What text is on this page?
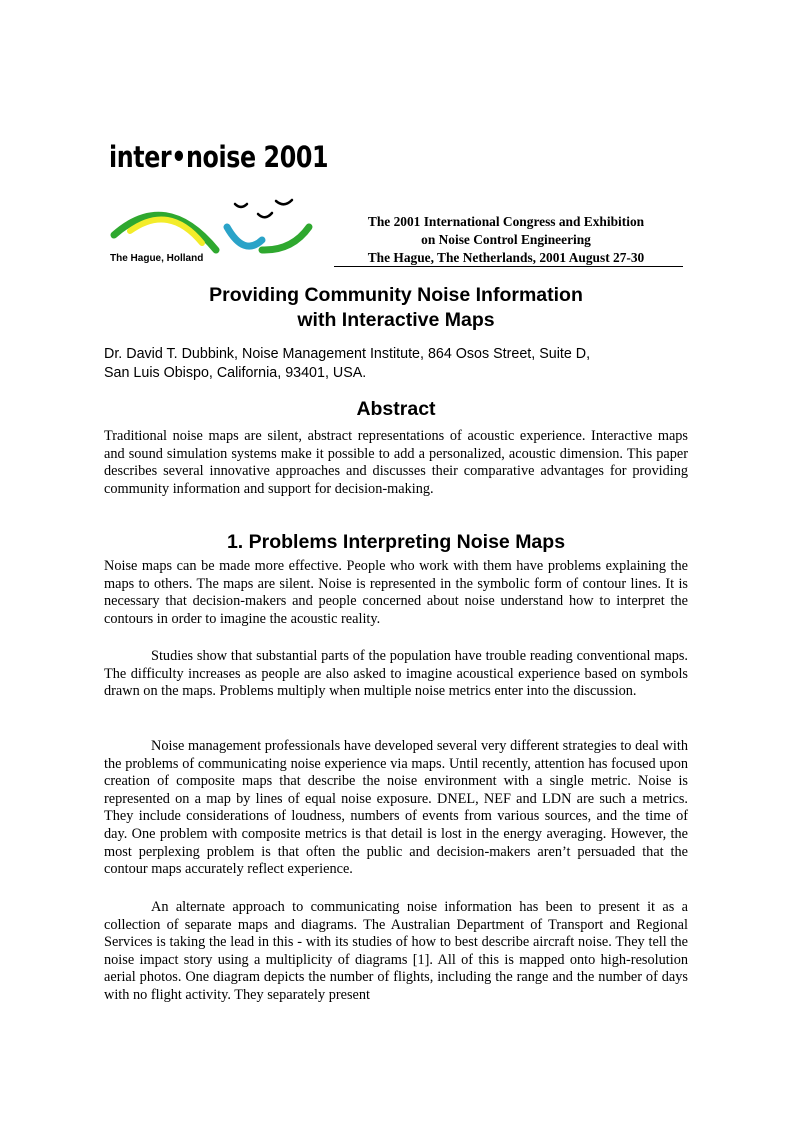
inter•noise 2001
The Hague, Holland
The 2001 International Congress and Exhibition
on Noise Control Engineering
The Hague, The Netherlands, 2001 August 27-30
Providing Community Noise Information
with Interactive Maps

Dr. David T. Dubbink, Noise Management Institute, 864 Osos Street, Suite D,
San Luis Obispo, California, 93401, USA.

Abstract

Traditional noise maps are silent, abstract representations of acoustic experience. Interactive maps and sound simulation systems make it possible to add a personalized, acoustic dimension. This paper describes several innovative approaches and discusses their comparative advantages for providing community information and support for decision-making.

1. Problems Interpreting Noise Maps

Noise maps can be made more effective. People who work with them have problems explaining the maps to others. The maps are silent. Noise is represented in the symbolic form of contour lines. It is necessary that decision-makers and people concerned about noise understand how to interpret the contours in order to imagine the acoustic reality.

Studies show that substantial parts of the population have trouble reading conventional maps. The difficulty increases as people are also asked to imagine acoustical experience based on symbols drawn on the maps. Problems multiply when multiple noise metrics enter into the discussion.

Noise management professionals have developed several very different strategies to deal with the problems of communicating noise experience via maps. Until recently, attention has focused upon creation of composite maps that describe the noise environment with a single metric. Noise is represented on a map by lines of equal noise exposure. DNEL, NEF and LDN are such a metrics. They include considerations of loudness, numbers of events from various sources, and the time of day. One problem with composite metrics is that detail is lost in the energy averaging. However, the most perplexing problem is that often the public and decision-makers aren’t persuaded that the contour maps accurately reflect experience.

An alternate approach to communicating noise information has been to present it as a collection of separate maps and diagrams. The Australian Department of Transport and Regional Services is taking the lead in this - with its studies of how to best describe aircraft noise. They tell the noise impact story using a multiplicity of diagrams [1]. All of this is mapped onto high-resolution aerial photos. One diagram depicts the number of flights, including the range and the number of days with no flight activity. They separately present
